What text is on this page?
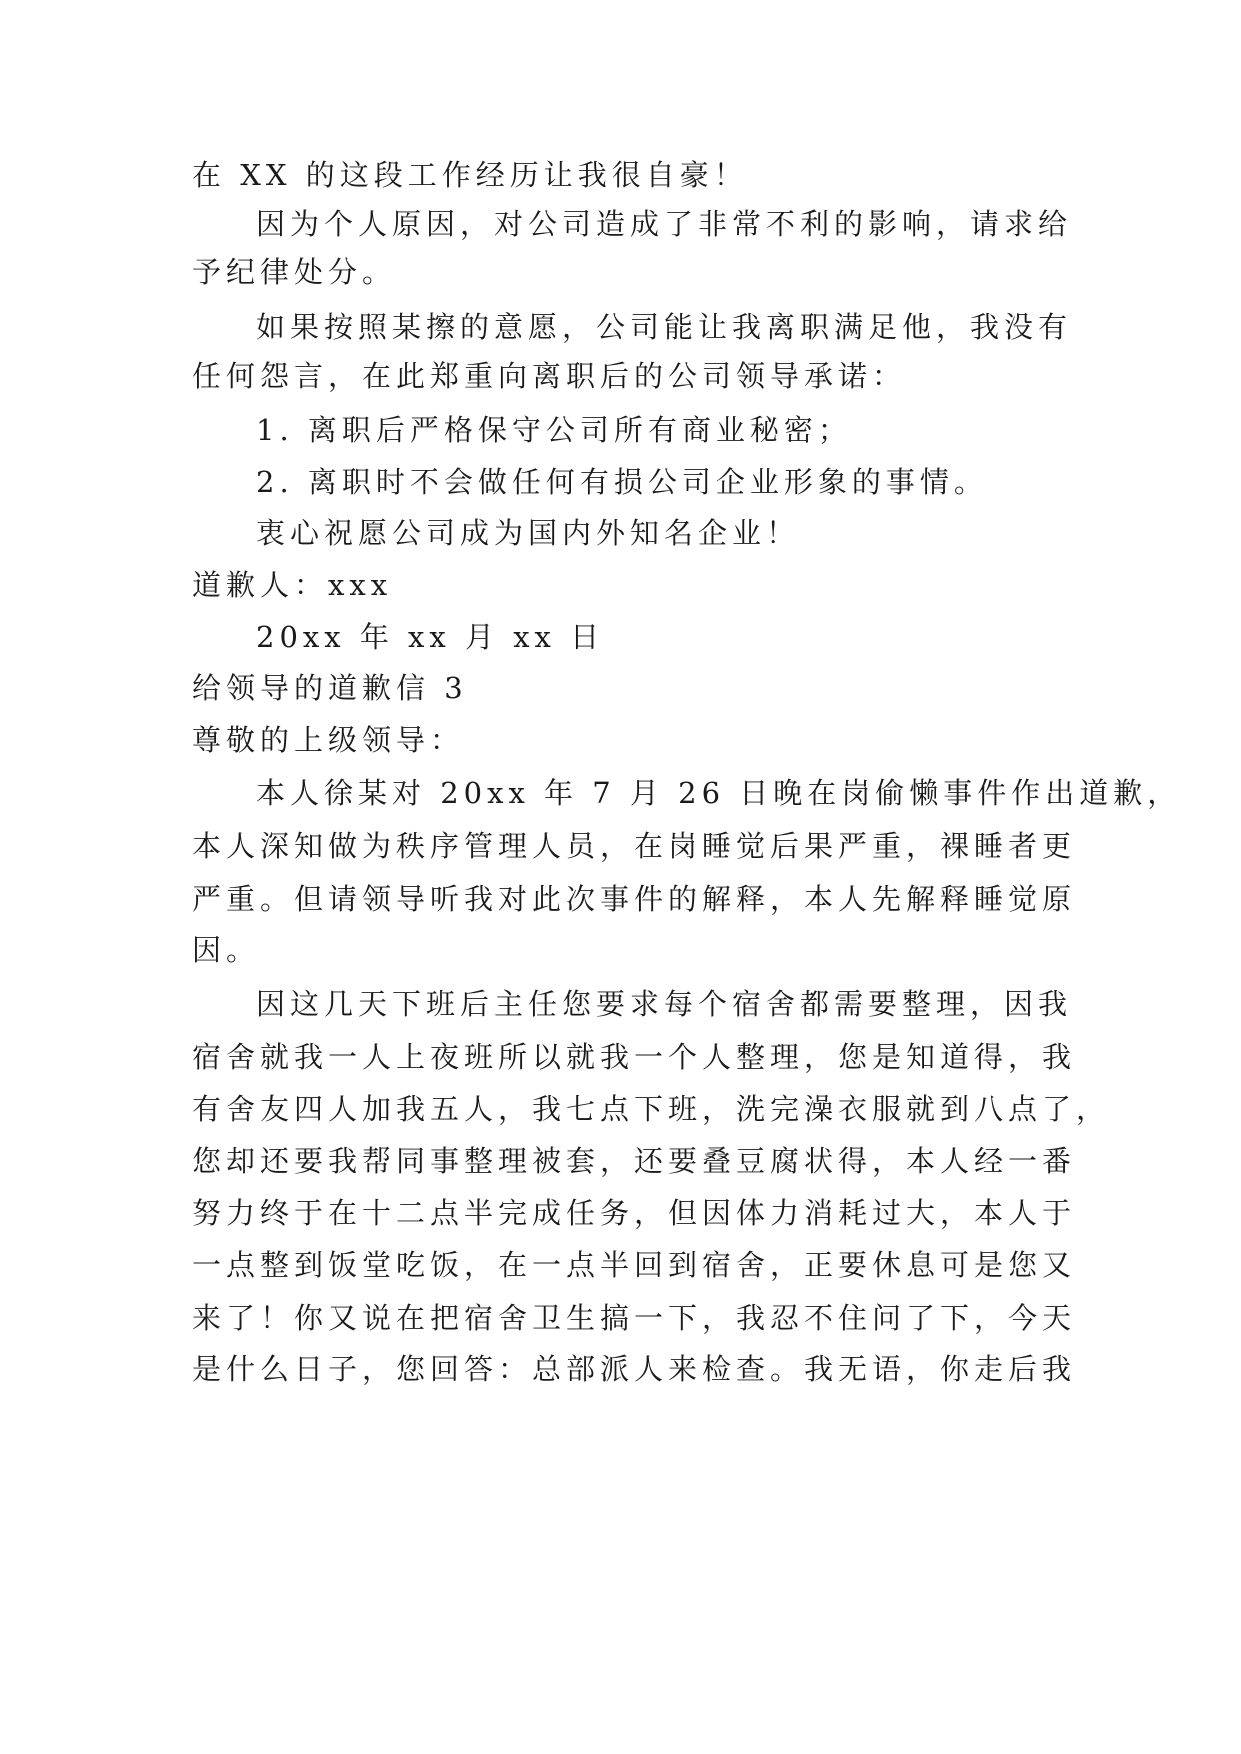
在 XX 的这段工作经历让我很自豪！
因为个人原因，对公司造成了非常不利的影响，请求给
予纪律处分。
如果按照某擦的意愿，公司能让我离职满足他，我没有
任何怨言，在此郑重向离职后的公司领导承诺：
1. 离职后严格保守公司所有商业秘密；
2. 离职时不会做任何有损公司企业形象的事情。
衷心祝愿公司成为国内外知名企业！
道歉人：xxx
20xx 年 xx 月 xx 日
给领导的道歉信 3
尊敬的上级领导：
本人徐某对 20xx 年 7 月 26 日晚在岗偷懒事件作出道歉，
本人深知做为秩序管理人员，在岗睡觉后果严重，裸睡者更
严重。但请领导听我对此次事件的解释，本人先解释睡觉原
因。
因这几天下班后主任您要求每个宿舍都需要整理，因我
宿舍就我一人上夜班所以就我一个人整理，您是知道得，我
有舍友四人加我五人，我七点下班，洗完澡衣服就到八点了，
您却还要我帮同事整理被套，还要叠豆腐状得，本人经一番
努力终于在十二点半完成任务，但因体力消耗过大，本人于
一点整到饭堂吃饭，在一点半回到宿舍，正要休息可是您又
来了！你又说在把宿舍卫生搞一下，我忍不住问了下，今天
是什么日子，您回答：总部派人来检查。我无语，你走后我
